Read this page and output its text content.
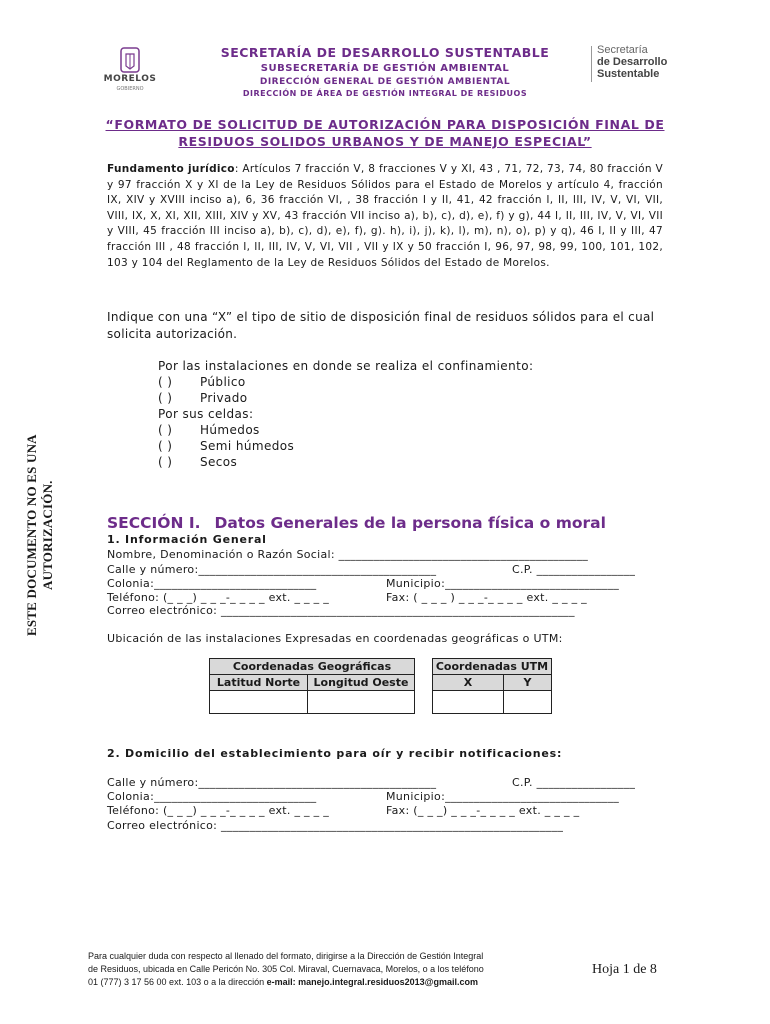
MORELOS
GOBIERNO
Secretaría
de Desarrollo
Sustentable
SECRETARÍA DE DESARROLLO SUSTENTABLE
SUBSECRETARÍA DE GESTIÓN AMBIENTAL
DIRECCIÓN GENERAL DE GESTIÓN AMBIENTAL
DIRECCIÓN DE ÁREA DE GESTIÓN INTEGRAL DE RESIDUOS
“FORMATO DE SOLICITUD DE AUTORIZACIÓN PARA DISPOSICIÓN FINAL DE
RESIDUOS SOLIDOS URBANOS Y DE MANEJO ESPECIAL”
Fundamento jurídico: Artículos 7 fracción V, 8 fracciones V y XI, 43 , 71, 72, 73, 74, 80 fracción V y 97 fracción X y XI de la Ley de Residuos Sólidos para el Estado de Morelos y artículo 4, fracción IX, XIV y XVIII inciso a), 6, 36 fracción VI, , 38 fracción I y II, 41, 42 fracción I, II, III, IV, V, VI, VII, VIII, IX, X, XI, XII, XIII, XIV y XV, 43 fracción VII inciso a), b), c), d), e), f) y g), 44 I, II, III, IV, V, VI, VII y VIII, 45 fracción III inciso a), b), c), d), e), f), g). h), i), j), k), l), m), n), o), p) y q), 46 I, II y III, 47 fracción III , 48 fracción I, II, III, IV, V, VI, VII , VII y IX y 50 fracción I, 96, 97, 98, 99, 100, 101, 102, 103 y 104 del Reglamento de la Ley de Residuos Sólidos del Estado de Morelos.
Indique con una “X” el tipo de sitio de disposición final de residuos sólidos para el cual solicita autorización.
Por las instalaciones en donde se realiza el confinamiento:
( ) Público
( ) Privado
Por sus celdas:
( ) Húmedos
( ) Semi húmedos
( ) Secos
ESTE DOCUMENTO NO ES UNA AUTORIZACIÓN.	SECCIÓN I. Datos Generales de la persona física o moral
1. Información General
Nombre, Denominación o Razón Social: ___________________________________________
Calle y número:_________________________________________	C.P. _________________
Colonia:____________________________	Municipio:______________________________
Teléfono: (_ _ _) _ _ _-_ _ _ _ ext. _ _ _ _	Fax: ( _ _ _ ) _ _ _-_ _ _ _ ext. _ _ _ _
Correo electrónico: _____________________________________________________________
Ubicación de las instalaciones Expresadas en coordenadas geográficas o UTM:
Coordenadas Geográficas	
Latitud Norte	Longitud Oeste

Coordenadas UTM	
X	Y

2. Domicilio del establecimiento para oír y recibir notificaciones:
Calle y número:_________________________________________	C.P. _________________
Colonia:____________________________	Municipio:______________________________
Teléfono: (_ _ _) _ _ _-_ _ _ _ ext. _ _ _ _	Fax: (_ _ _) _ _ _-_ _ _ _ ext. _ _ _ _
Correo electrónico: ___________________________________________________________
Para cualquier duda con respecto al llenado del formato, dirigirse a la Dirección de Gestión Integral
de Residuos, ubicada en Calle Pericón No. 305 Col. Miraval, Cuernavaca, Morelos, o a los teléfono
01 (777) 3 17 56 00 ext. 103 o a la dirección e-mail: manejo.integral.residuos2013@gmail.com
Hoja 1 de 8
